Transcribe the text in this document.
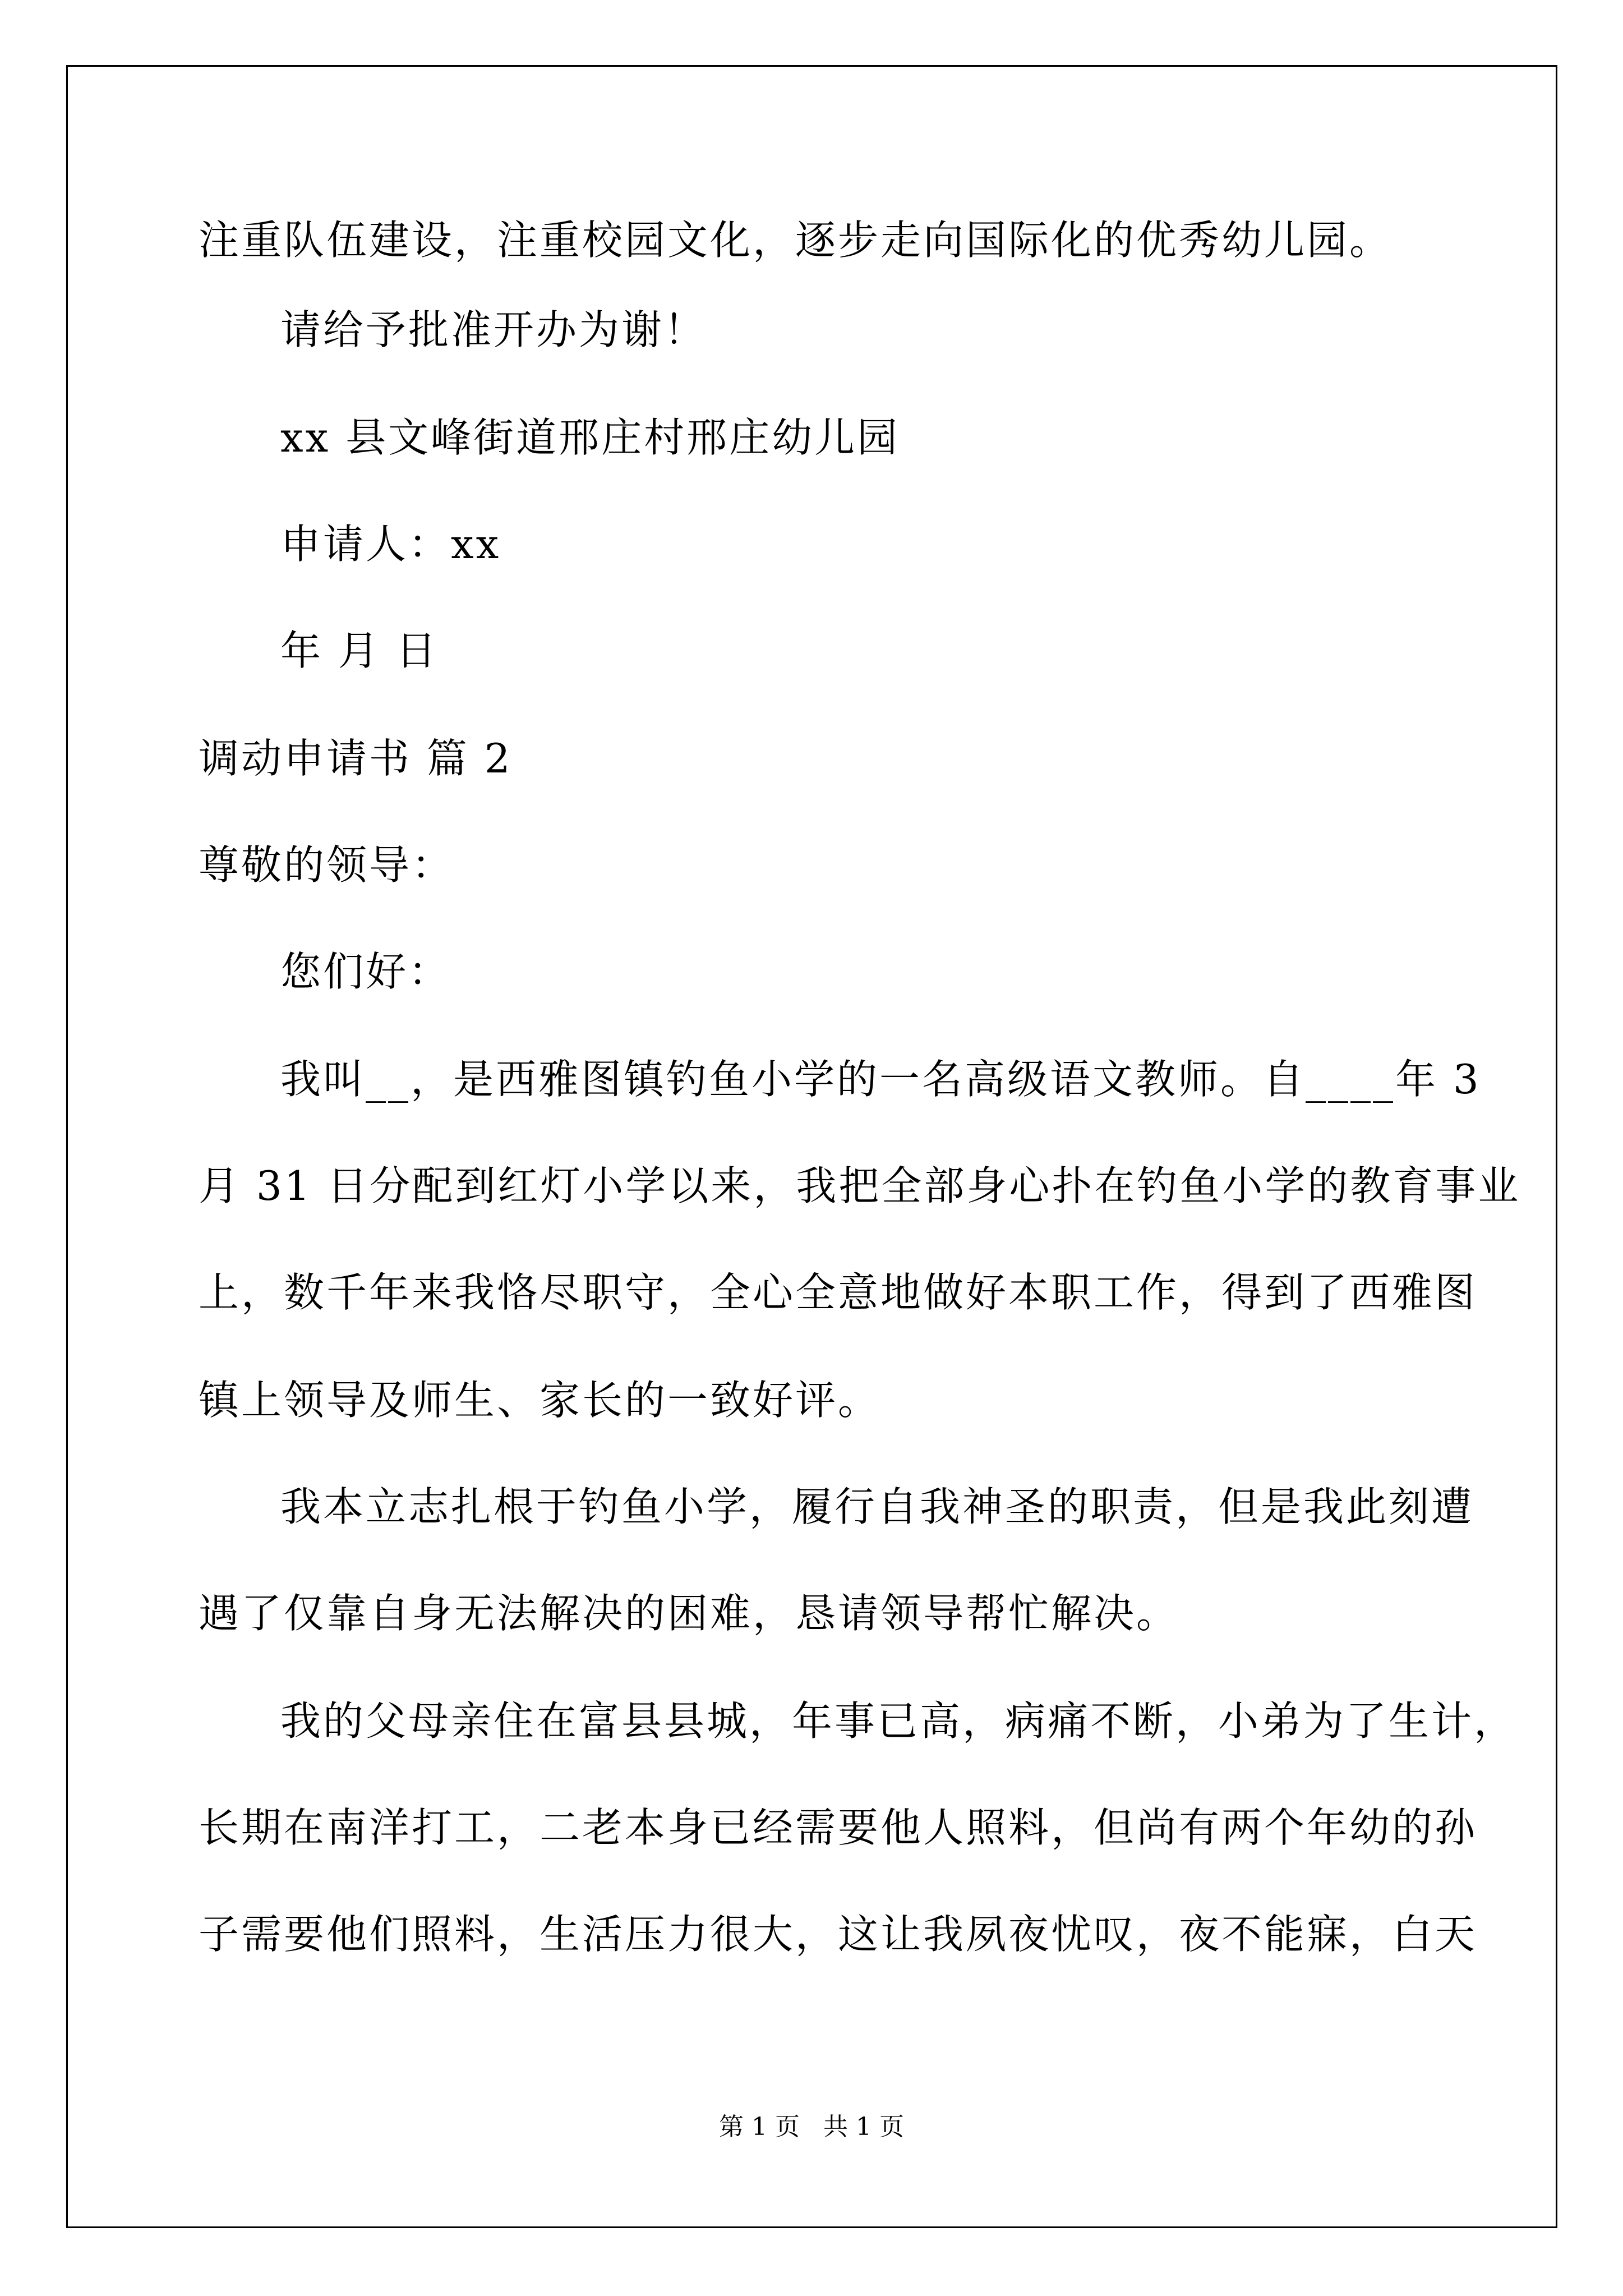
注重队伍建设，注重校园文化，逐步走向国际化的优秀幼儿园。
请给予批准开办为谢！
xx 县文峰街道邢庄村邢庄幼儿园
申请人：xx
年 月 日
调动申请书 篇 2
尊敬的领导：
您们好：
我叫__，是西雅图镇钓鱼小学的一名高级语文教师。自____年 3
月 31 日分配到红灯小学以来，我把全部身心扑在钓鱼小学的教育事业
上，数千年来我恪尽职守，全心全意地做好本职工作，得到了西雅图
镇上领导及师生、家长的一致好评。
我本立志扎根于钓鱼小学，履行自我神圣的职责，但是我此刻遭
遇了仅靠自身无法解决的困难，恳请领导帮忙解决。
我的父母亲住在富县县城，年事已高，病痛不断，小弟为了生计，
长期在南洋打工，二老本身已经需要他人照料，但尚有两个年幼的孙
子需要他们照料，生活压力很大，这让我夙夜忧叹，夜不能寐，白天
第 1 页   共 1 页
